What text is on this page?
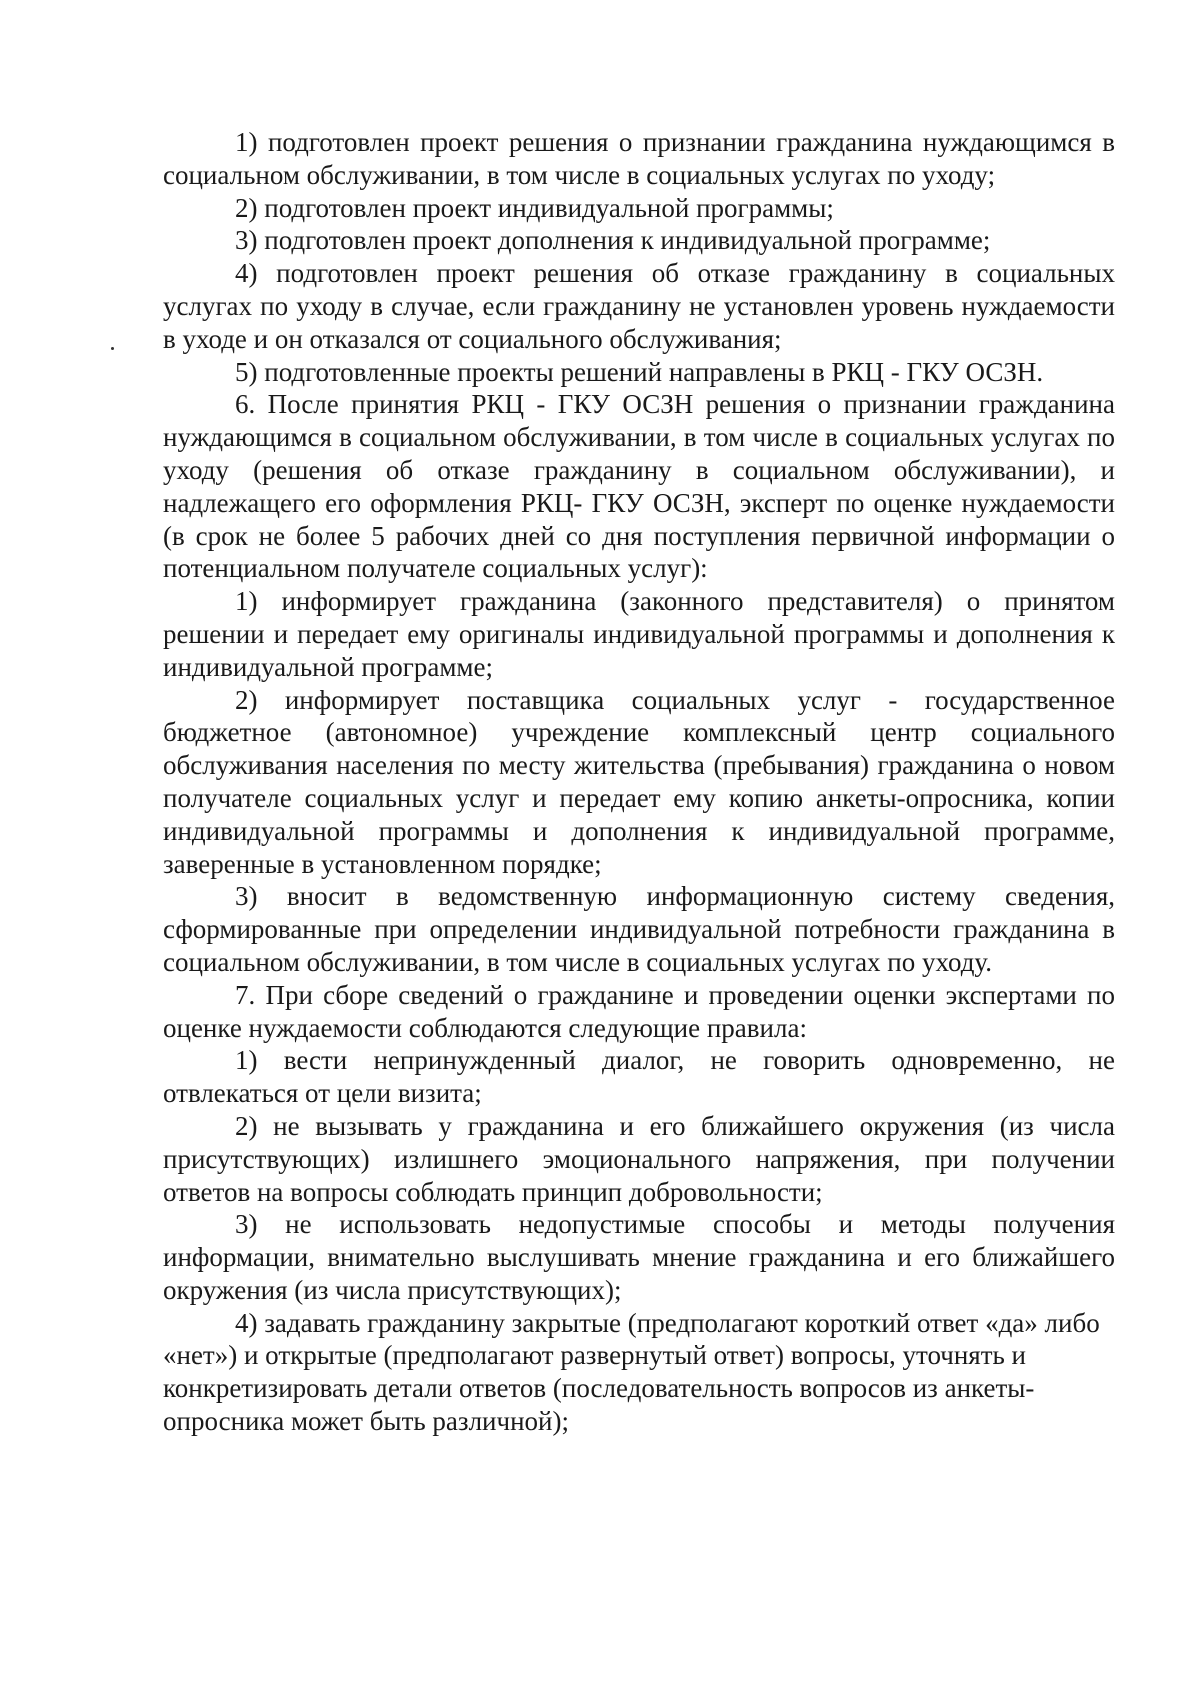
1) подготовлен проект решения о признании гражданина нуждающимся в социальном обслуживании, в том числе в социальных услугах по уходу;

2) подготовлен проект индивидуальной программы;

3) подготовлен проект дополнения к индивидуальной программе;

4) подготовлен проект решения об отказе гражданину в социальных услугах по уходу в случае, если гражданину не установлен уровень нуждаемости в уходе и он отказался от социального обслуживания;

5) подготовленные проекты решений направлены в РКЦ - ГКУ ОСЗН.

6. После принятия РКЦ - ГКУ ОСЗН решения о признании гражданина нуждающимся в социальном обслуживании, в том числе в социальных услугах по уходу (решения об отказе гражданину в социальном обслуживании), и надлежащего его оформления РКЦ- ГКУ ОСЗН, эксперт по оценке нуждаемости (в срок не более 5 рабочих дней со дня поступления первичной информации о потенциальном получателе социальных услуг):

1) информирует гражданина (законного представителя) о принятом решении и передает ему оригиналы индивидуальной программы и дополнения к индивидуальной программе;

2) информирует поставщика социальных услуг - государственное бюджетное (автономное) учреждение комплексный центр социального обслуживания населения по месту жительства (пребывания) гражданина о новом получателе социальных услуг и передает ему копию анкеты-опросника, копии индивидуальной программы и дополнения к индивидуальной программе, заверенные в установленном порядке;

3) вносит в ведомственную информационную систему сведения, сформированные при определении индивидуальной потребности гражданина в социальном обслуживании, в том числе в социальных услугах по уходу.

7. При сборе сведений о гражданине и проведении оценки экспертами по оценке нуждаемости соблюдаются следующие правила:

1) вести непринужденный диалог, не говорить одновременно, не отвлекаться от цели визита;

2) не вызывать у гражданина и его ближайшего окружения (из числа присутствующих) излишнего эмоционального напряжения, при получении ответов на вопросы соблюдать принцип добровольности;

3) не использовать недопустимые способы и методы получения информации, внимательно выслушивать мнение гражданина и его ближайшего окружения (из числа присутствующих);

4) задавать гражданину закрытые (предполагают короткий ответ «да» либо «нет») и открытые (предполагают развернутый ответ) вопросы, уточнять и конкретизировать детали ответов (последовательность вопросов из анкеты-опросника может быть различной);
